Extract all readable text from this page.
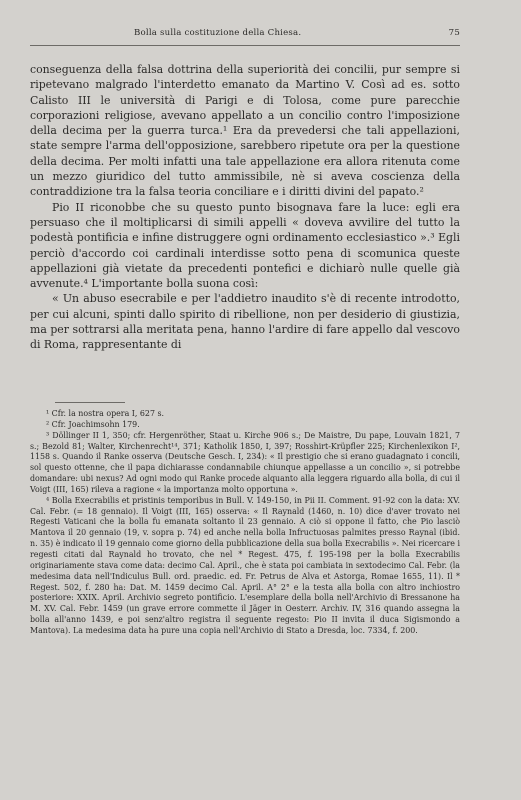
Bolla sulla costituzione della Chiesa.	75

conseguenza della falsa dottrina della superiorità dei concilii, pur sempre si ripetevano malgrado l'interdetto emanato da Martino V. Così ad es. sotto Calisto III le università di Parigi e di Tolosa, come pure parecchie corporazioni religiose, avevano appellato a un concilio contro l'imposizione della decima per la guerra turca.¹ Era da prevedersi che tali appellazioni, state sempre l'arma dell'opposizione, sarebbero ripetute ora per la questione della decima. Per molti infatti una tale appellazione era allora ritenuta come un mezzo giuridico del tutto ammissibile, nè si aveva coscienza della contraddizione tra la falsa teoria conciliare e i diritti divini del papato.²

Pio II riconobbe che su questo punto bisognava fare la luce: egli era persuaso che il moltiplicarsi di simili appelli « doveva avvilire del tutto la podestà pontificia e infine distruggere ogni ordinamento ecclesiastico ».³ Egli perciò d'accordo coi cardinali interdisse sotto pena di scomunica queste appellazioni già vietate da precedenti pontefici e dichiarò nulle quelle già avvenute.⁴ L'importante bolla suona così:

« Un abuso esecrabile e per l'addietro inaudito s'è di recente introdotto, per cui alcuni, spinti dallo spirito di ribellione, non per desiderio di giustizia, ma per sottrarsi alla meritata pena, hanno l'ardire di fare appello dal vescovo di Roma, rappresentante di

¹ Cfr. la nostra opera I, 627 s.

² Cfr. Joachimsohn 179.

³ Döllinger II 1, 350; cfr. Hergenröther, Staat u. Kirche 906 s.; De Maistre, Du pape, Louvain 1821, 7 s.; Bezold 81; Walter, Kirchenrecht¹⁴, 371; Katholik 1850, I, 397; Rosshirt-Krüpfler 225; Kirchenlexikon I², 1158 s. Quando il Ranke osserva (Deutsche Gesch. I, 234): « Il prestigio che si erano guadagnato i concili, sol questo ottenne, che il papa dichiarasse condannabile chiunque appellasse a un concilio », si potrebbe domandare: ubi nexus? Ad ogni modo qui Ranke procede alquanto alla leggera riguardo alla bolla, di cui il Voigt (III, 165) rileva a ragione « la importanza molto opportuna ».

⁴ Bolla Execrabilis et pristinis temporibus in Bull. V. 149-150, in Pii II. Comment. 91-92 con la data: XV. Cal. Febr. (= 18 gennaio). Il Voigt (III, 165) osserva: « Il Raynald (1460, n. 10) dice d'aver trovato nei Regesti Vaticani che la bolla fu emanata soltanto il 23 gennaio. A ciò si oppone il fatto, che Pio lasciò Mantova il 20 gennaio (19, v. sopra p. 74) ed anche nella bolla Infructuosas palmites presso Raynal (ibid. n. 35) è indicato il 19 gennaio come giorno della pubblicazione della sua bolla Execrabilis ». Nei ricercare i regesti citati dal Raynald ho trovato, che nel * Regest. 475, f. 195-198 per la bolla Execrabilis originariamente stava come data: decimo Cal. April., che è stata poi cambiata in sextodecimo Cal. Febr. (la medesima data nell'Indiculus Bull. ord. praedic. ed. Fr. Petrus de Alva et Astorga, Romae 1655, 11). Il * Regest. 502, f. 280 ha: Dat. M. 1459 decimo Cal. April. A° 2° e la testa alla bolla con altro inchiostro posteriore: XXIX. April. Archivio segreto pontificio. L'esemplare della bolla nell'Archivio di Bressanone ha M. XV. Cal. Febr. 1459 (un grave errore commette il Jäger in Oesterr. Archiv. IV, 316 quando assegna la bolla all'anno 1439, e poi senz'altro registra il seguente regesto: Pio II invita il duca Sigismondo a Mantova). La medesima data ha pure una copia nell'Archivio di Stato a Dresda, loc. 7334, f. 200.
